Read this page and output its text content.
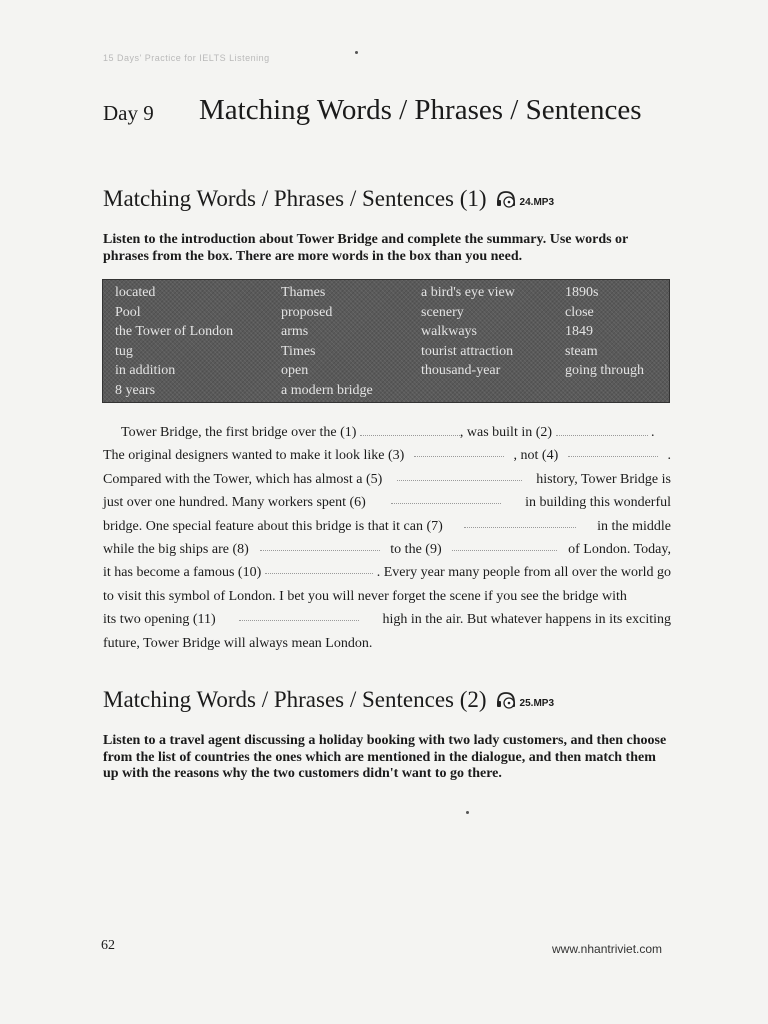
15 Days' Practice for IELTS Listening
Day 9 Matching Words / Phrases / Sentences
Matching Words / Phrases / Sentences (1)	24.MP3
Listen to the introduction about Tower Bridge and complete the summary. Use words or phrases from the box. There are more words in the box than you need.
located	Thames	a bird's eye view	1890s
Pool	proposed	scenery	close
the Tower of London	arms	walkways	1849
tug	Times	tourist attraction	steam
in addition	open	thousand-year	going through
8 years	a modern bridge
Tower Bridge, the first bridge over the (1)	, was built in (2)	.
The original designers wanted to make it look like (3)	, not (4)	.
Compared with the Tower, which has almost a (5)	history, Tower Bridge is
just over one hundred. Many workers spent (6)	in building this wonderful
bridge. One special feature about this bridge is that it can (7)	in the middle
while the big ships are (8)	to the (9)	of London. Today,
it has become a famous (10)	. Every year many people from all over the world go
to visit this symbol of London. I bet you will never forget the scene if you see the bridge with
its two opening (11)	high in the air. But whatever happens in its exciting
future, Tower Bridge will always mean London.
Matching Words / Phrases / Sentences (2)	25.MP3
Listen to a travel agent discussing a holiday booking with two lady customers, and then choose from the list of countries the ones which are mentioned in the dialogue, and then match them up with the reasons why the two customers didn't want to go there.
62	www.nhantriviet.com
